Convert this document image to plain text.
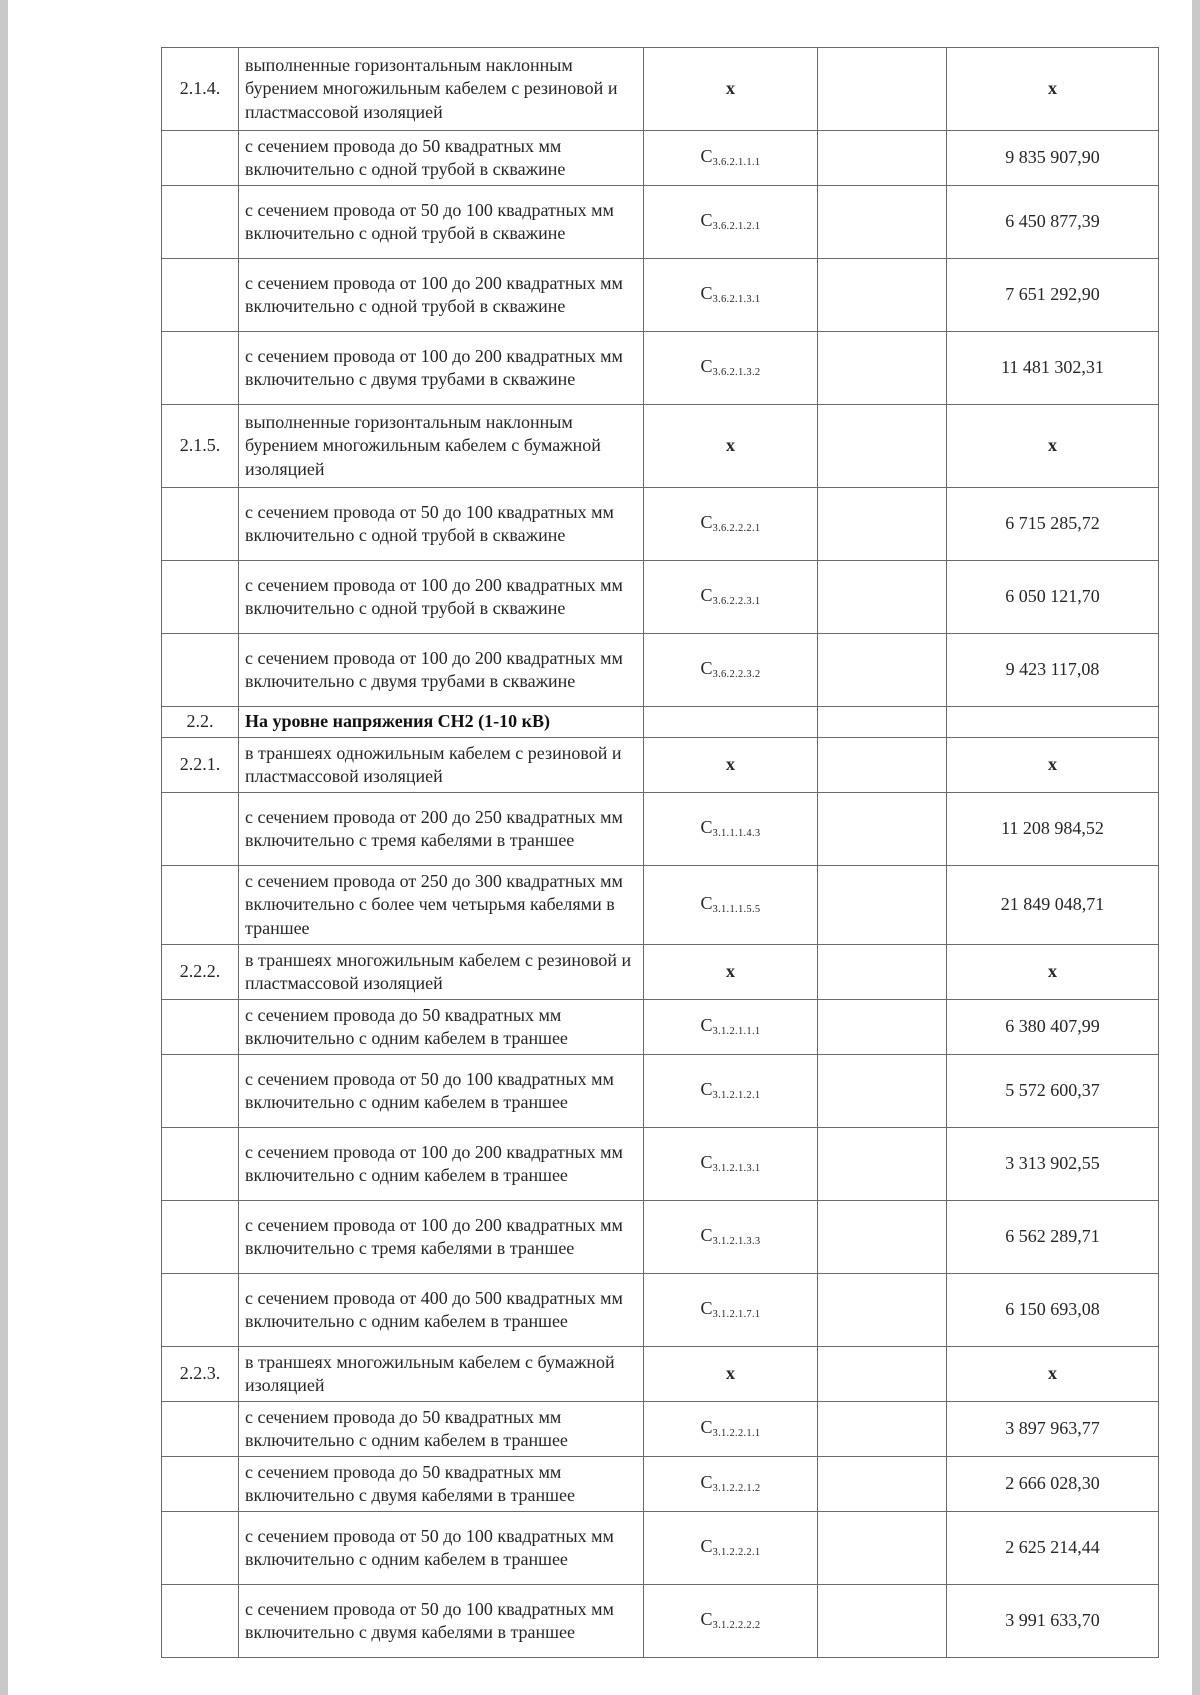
2.1.4.	выполненные горизонтальным наклонным бурением многожильным кабелем с резиновой и пластмассовой изоляцией	x		x
	с сечением провода до 50 квадратных мм включительно с одной трубой в скважине	C3.6.2.1.1.1		9 835 907,90
	с сечением провода от 50 до 100 квадратных мм включительно с одной трубой в скважине	C3.6.2.1.2.1		6 450 877,39
	с сечением провода от 100 до 200 квадратных мм включительно с одной трубой в скважине	C3.6.2.1.3.1		7 651 292,90
	с сечением провода от 100 до 200 квадратных мм включительно с двумя трубами в скважине	C3.6.2.1.3.2		11 481 302,31
2.1.5.	выполненные горизонтальным наклонным бурением многожильным кабелем с бумажной изоляцией	x		x
	с сечением провода от 50 до 100 квадратных мм включительно с одной трубой в скважине	C3.6.2.2.2.1		6 715 285,72
	с сечением провода от 100 до 200 квадратных мм включительно с одной трубой в скважине	C3.6.2.2.3.1		6 050 121,70
	с сечением провода от 100 до 200 квадратных мм включительно с двумя трубами в скважине	C3.6.2.2.3.2		9 423 117,08
2.2.	На уровне напряжения СН2 (1-10 кВ)			
2.2.1.	в траншеях одножильным кабелем с резиновой и пластмассовой изоляцией	x		x
	с сечением провода от 200 до 250 квадратных мм включительно с тремя кабелями в траншее	C3.1.1.1.4.3		11 208 984,52
	с сечением провода от 250 до 300 квадратных мм включительно с более чем четырьмя кабелями в траншее	C3.1.1.1.5.5		21 849 048,71
2.2.2.	в траншеях многожильным кабелем с резиновой и пластмассовой изоляцией	x		x
	с сечением провода до 50 квадратных мм включительно с одним кабелем в траншее	C3.1.2.1.1.1		6 380 407,99
	с сечением провода от 50 до 100 квадратных мм включительно с одним кабелем в траншее	C3.1.2.1.2.1		5 572 600,37
	с сечением провода от 100 до 200 квадратных мм включительно с одним кабелем в траншее	C3.1.2.1.3.1		3 313 902,55
	с сечением провода от 100 до 200 квадратных мм включительно с тремя кабелями в траншее	C3.1.2.1.3.3		6 562 289,71
	с сечением провода от 400 до 500 квадратных мм включительно с одним кабелем в траншее	C3.1.2.1.7.1		6 150 693,08
2.2.3.	в траншеях многожильным кабелем с бумажной изоляцией	x		x
	с сечением провода до 50 квадратных мм включительно с одним кабелем в траншее	C3.1.2.2.1.1		3 897 963,77
	с сечением провода до 50 квадратных мм включительно с двумя кабелями в траншее	C3.1.2.2.1.2		2 666 028,30
	с сечением провода от 50 до 100 квадратных мм включительно с одним кабелем в траншее	C3.1.2.2.2.1		2 625 214,44
	с сечением провода от 50 до 100 квадратных мм включительно с двумя кабелями в траншее	C3.1.2.2.2.2		3 991 633,70
